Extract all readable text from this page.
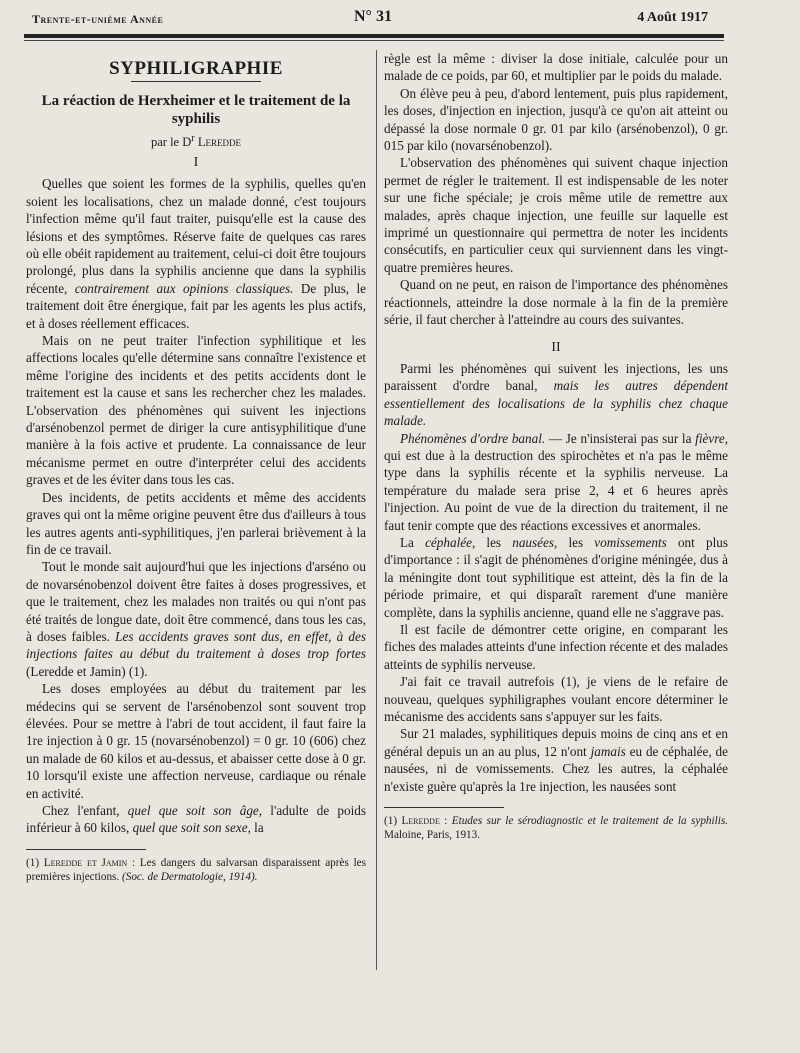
Trente-et-unième Année	N° 31	4 Août 1917
SYPHILIGRAPHIE
La réaction de Herxheimer et le traitement de la syphilis
par le $D^r$ Leredde
I

Quelles que soient les formes de la syphilis, quelles qu'en soient les localisations, chez un malade donné, c'est toujours l'infection même qu'il faut traiter, puisqu'elle est la cause des lésions et des symptômes. Réserve faite de quelques cas rares où elle obéit rapidement au traitement, celui-ci doit être toujours prolongé, plus dans la syphilis ancienne que dans la syphilis récente, contrairement aux opinions classiques. De plus, le traitement doit être énergique, fait par les agents les plus actifs, et à doses réellement efficaces.

Mais on ne peut traiter l'infection syphilitique et les affections locales qu'elle détermine sans connaître l'existence et même l'origine des incidents et des petits accidents dont le traitement est la cause et sans les rechercher chez les malades. L'observation des phénomènes qui suivent les injections d'arsénobenzol permet de diriger la cure antisyphilitique d'une manière à la fois active et prudente. La connaissance de leur mécanisme permet en outre d'interpréter celui des accidents graves et de les éviter dans tous les cas.

Des incidents, de petits accidents et même des accidents graves qui ont la même origine peuvent être dus d'ailleurs à tous les autres agents anti-syphilitiques, j'en parlerai brièvement à la fin de ce travail.

Tout le monde sait aujourd'hui que les injections d'arséno ou de novarsénobenzol doivent être faites à doses progressives, et que le traitement, chez les malades non traités ou qui n'ont pas été traités de longue date, doit être commencé, dans tous les cas, à doses faibles. Les accidents graves sont dus, en effet, à des injections faites au début du traitement à doses trop fortes (Leredde et Jamin) (1).

Les doses employées au début du traitement par les médecins qui se servent de l'arsénobenzol sont souvent trop élevées. Pour se mettre à l'abri de tout accident, il faut faire la 1re injection à 0 gr. 15 (novarsénobenzol) = 0 gr. 10 (606) chez un malade de 60 kilos et au-dessus, et abaisser cette dose à 0 gr. 10 lorsqu'il existe une affection nerveuse, cardiaque ou rénale en activité.

Chez l'enfant, quel que soit son âge, l'adulte de poids inférieur à 60 kilos, quel que soit son sexe, la

(1) Leredde et Jamin : Les dangers du salvarsan disparaissent après les premières injections. (Soc. de Dermatologie, 1914).

règle est la même : diviser la dose initiale, calculée pour un malade de ce poids, par 60, et multiplier par le poids du malade.

On élève peu à peu, d'abord lentement, puis plus rapidement, les doses, d'injection en injection, jusqu'à ce qu'on ait atteint ou dépassé la dose normale 0 gr. 01 par kilo (arsénobenzol), 0 gr. 015 par kilo (novarsénobenzol).

L'observation des phénomènes qui suivent chaque injection permet de régler le traitement. Il est indispensable de les noter sur une fiche spéciale; je crois même utile de remettre aux malades, après chaque injection, une feuille sur laquelle est imprimé un questionnaire qui permettra de noter les incidents consécutifs, en particulier ceux qui surviennent dans les vingt-quatre premières heures.

Quand on ne peut, en raison de l'importance des phénomènes réactionnels, atteindre la dose normale à la fin de la première série, il faut chercher à l'atteindre au cours des suivantes.

II

Parmi les phénomènes qui suivent les injections, les uns paraissent d'ordre banal, mais les autres dépendent essentiellement des localisations de la syphilis chez chaque malade.

Phénomènes d'ordre banal. — Je n'insisterai pas sur la fièvre, qui est due à la destruction des spirochètes et n'a pas le même type dans la syphilis récente et la syphilis nerveuse. La température du malade sera prise 2, 4 et 6 heures après l'injection. Au point de vue de la direction du traitement, il ne faut tenir compte que des réactions excessives et anormales.

La céphalée, les nausées, les vomissements ont plus d'importance : il s'agit de phénomènes d'origine méningée, dus à la méningite dont tout syphilitique est atteint, dès la fin de la période primaire, et qui disparaît rarement d'une manière complète, dans la syphilis ancienne, quand elle ne s'aggrave pas.

Il est facile de démontrer cette origine, en comparant les fiches des malades atteints d'une infection récente et des malades atteints de syphilis nerveuse.

J'ai fait ce travail autrefois (1), je viens de le refaire de nouveau, quelques syphiligraphes voulant encore déterminer le mécanisme des accidents sans s'appuyer sur les faits.

Sur 21 malades, syphilitiques depuis moins de cinq ans et en général depuis un an au plus, 12 n'ont jamais eu de céphalée, de nausées, ni de vomissements. Chez les autres, la céphalée n'existe guère qu'après la 1re injection, les nausées sont

(1) Leredde : Etudes sur le sérodiagnostic et le traitement de la syphilis. Maloine, Paris, 1913.
